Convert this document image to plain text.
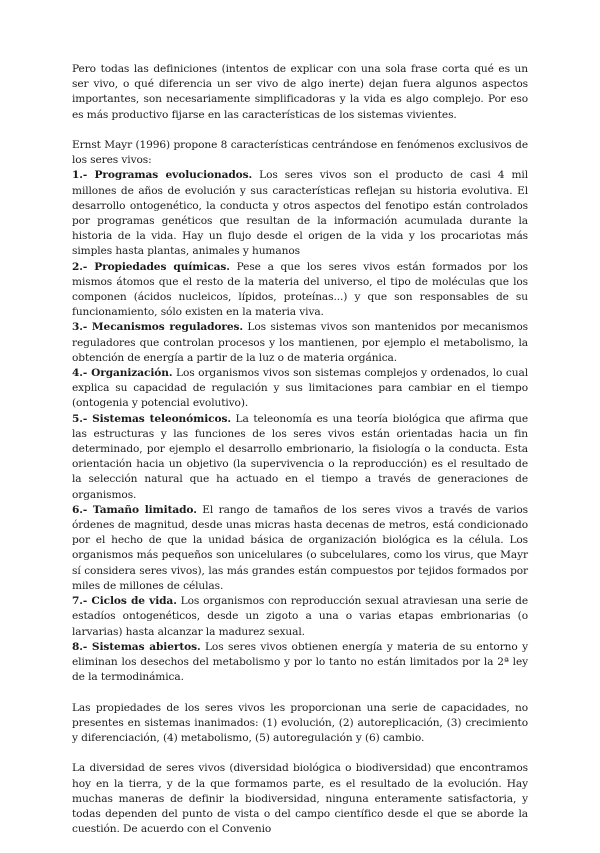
Pero todas las definiciones (intentos de explicar con una sola frase corta qué es un ser vivo, o qué diferencia un ser vivo de algo inerte) dejan fuera algunos aspectos importantes, son necesariamente simplificadoras y la vida es algo complejo. Por eso es más productivo fijarse en las características de los sistemas vivientes.

Ernst Mayr (1996) propone 8 características centrándose en fenómenos exclusivos de los seres vivos:

1.- Programas evolucionados. Los seres vivos son el producto de casi 4 mil millones de años de evolución y sus características reflejan su historia evolutiva. El desarrollo ontogenético, la conducta y otros aspectos del fenotipo están controlados por programas genéticos que resultan de la información acumulada durante la historia de la vida. Hay un flujo desde el origen de la vida y los procariotas más simples hasta plantas, animales y humanos

2.- Propiedades químicas. Pese a que los seres vivos están formados por los mismos átomos que el resto de la materia del universo, el tipo de moléculas que los componen (ácidos nucleicos, lípidos, proteínas...) y que son responsables de su funcionamiento, sólo existen en la materia viva.

3.- Mecanismos reguladores. Los sistemas vivos son mantenidos por mecanismos reguladores que controlan procesos y los mantienen, por ejemplo el metabolismo, la obtención de energía a partir de la luz o de materia orgánica.

4.- Organización. Los organismos vivos son sistemas complejos y ordenados, lo cual explica su capacidad de regulación y sus limitaciones para cambiar en el tiempo (ontogenia y potencial evolutivo).

5.- Sistemas teleonómicos. La teleonomía es una teoría biológica que afirma que las estructuras y las funciones de los seres vivos están orientadas hacia un fin determinado, por ejemplo el desarrollo embrionario, la fisiología o la conducta. Esta orientación hacia un objetivo (la supervivencia o la reproducción) es el resultado de la selección natural que ha actuado en el tiempo a través de generaciones de organismos.

6.- Tamaño limitado. El rango de tamaños de los seres vivos a través de varios órdenes de magnitud, desde unas micras hasta decenas de metros, está condicionado por el hecho de que la unidad básica de organización biológica es la célula. Los organismos más pequeños son unicelulares (o subcelulares, como los virus, que Mayr sí considera seres vivos), las más grandes están compuestos por tejidos formados por miles de millones de células.

7.- Ciclos de vida. Los organismos con reproducción sexual atraviesan una serie de estadíos ontogenéticos, desde un zigoto a una o varias etapas embrionarias (o larvarias) hasta alcanzar la madurez sexual.

8.- Sistemas abiertos. Los seres vivos obtienen energía y materia de su entorno y eliminan los desechos del metabolismo y por lo tanto no están limitados por la 2ª ley de la termodinámica.

Las propiedades de los seres vivos les proporcionan una serie de capacidades, no presentes en sistemas inanimados: (1) evolución, (2) autoreplicación, (3) crecimiento y diferenciación, (4) metabolismo, (5) autoregulación y (6) cambio.

La diversidad de seres vivos (diversidad biológica o biodiversidad) que encontramos hoy en la tierra, y de la que formamos parte, es el resultado de la evolución. Hay muchas maneras de definir la biodiversidad, ninguna enteramente satisfactoria, y todas dependen del punto de vista o del campo científico desde el que se aborde la cuestión. De acuerdo con el Convenio
